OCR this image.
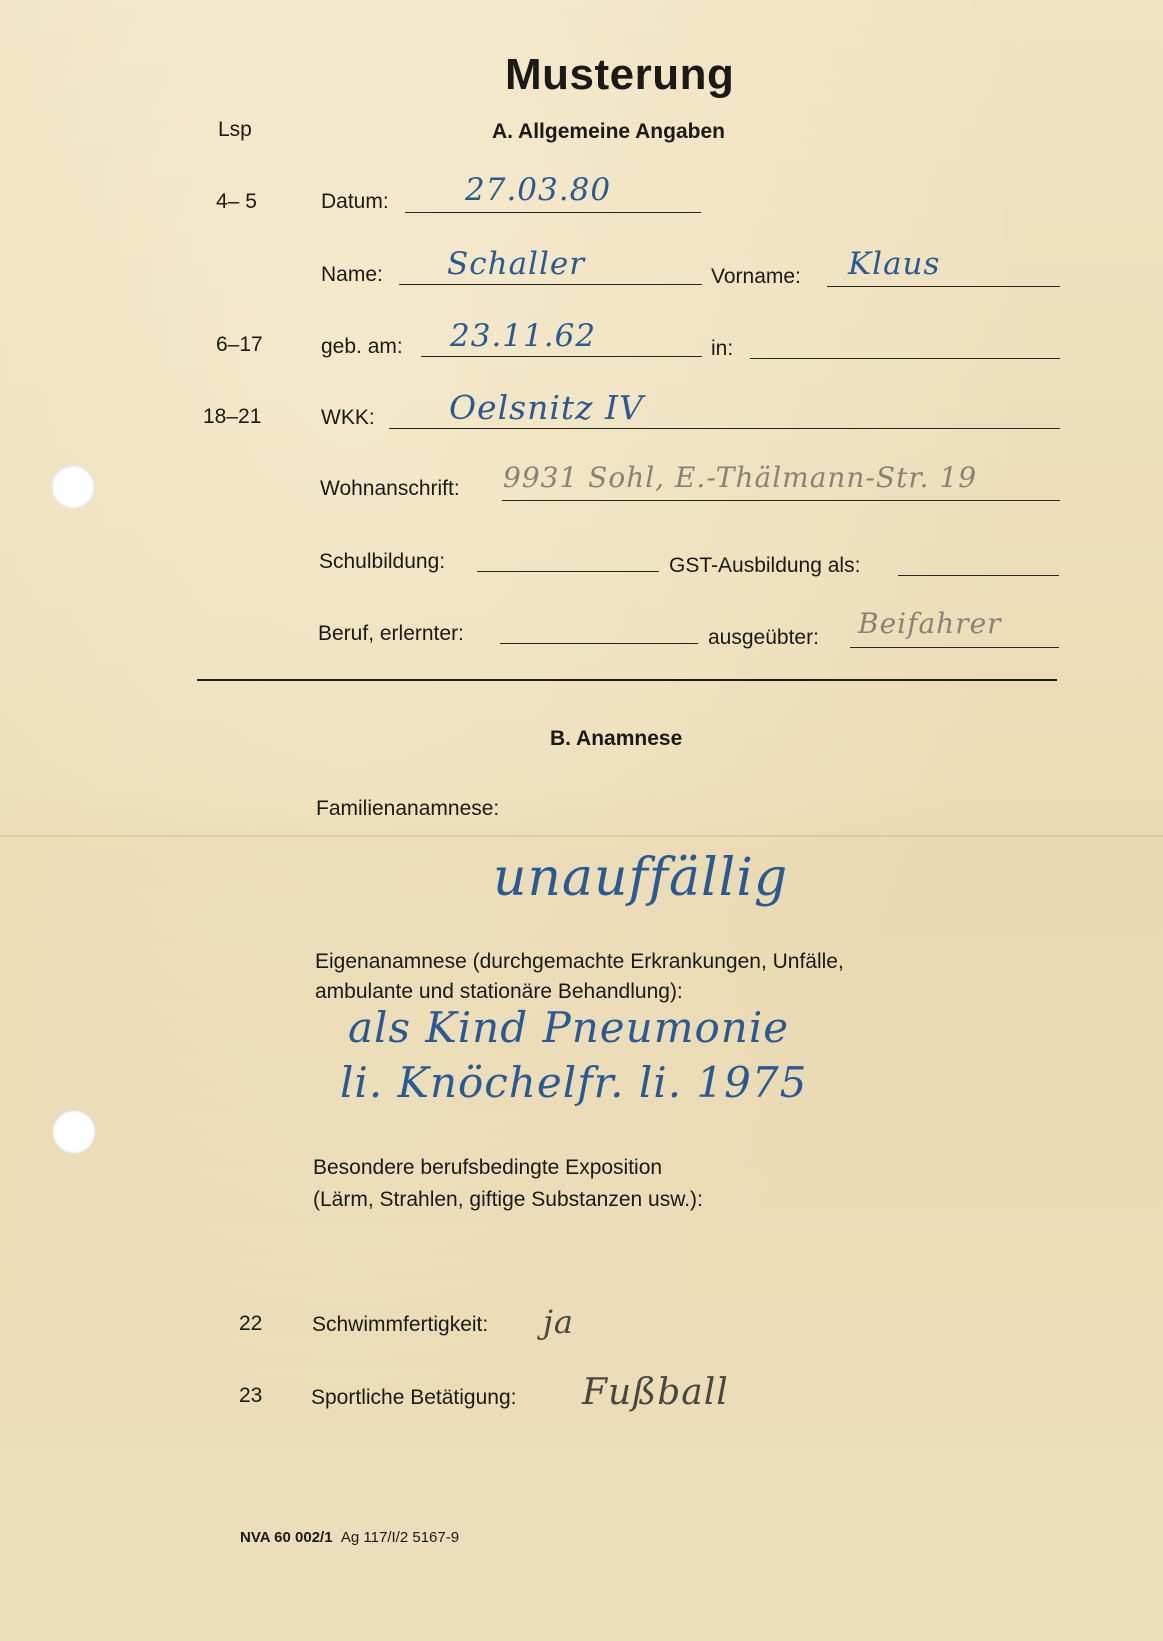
Musterung
Lsp	A. Allgemeine Angaben
4– 5	Datum: 27.03.80
Name: Schaller	Vorname: Klaus
6–17	geb. am: 23.11.62	in:
18–21	WKK: Oelsnitz IV
Wohnanschrift: 9931 Sohl, E.-Thälmann-Str. 19
Schulbildung:	GST-Ausbildung als:
Beruf, erlernter:	ausgeübter: Beifahrer
B. Anamnese
Familienanamnese:
unauffällig
Eigenanamnese (durchgemachte Erkrankungen, Unfälle,
ambulante und stationäre Behandlung):
als Kind Pneumonie
li. Knöchelfr. li. 1975
Besondere berufsbedingte Exposition
(Lärm, Strahlen, giftige Substanzen usw.):
22 Schwimmfertigkeit: ja
23 Sportliche Betätigung: Fußball
NVA 60 002/1 Ag 117/I/2 5167-9
